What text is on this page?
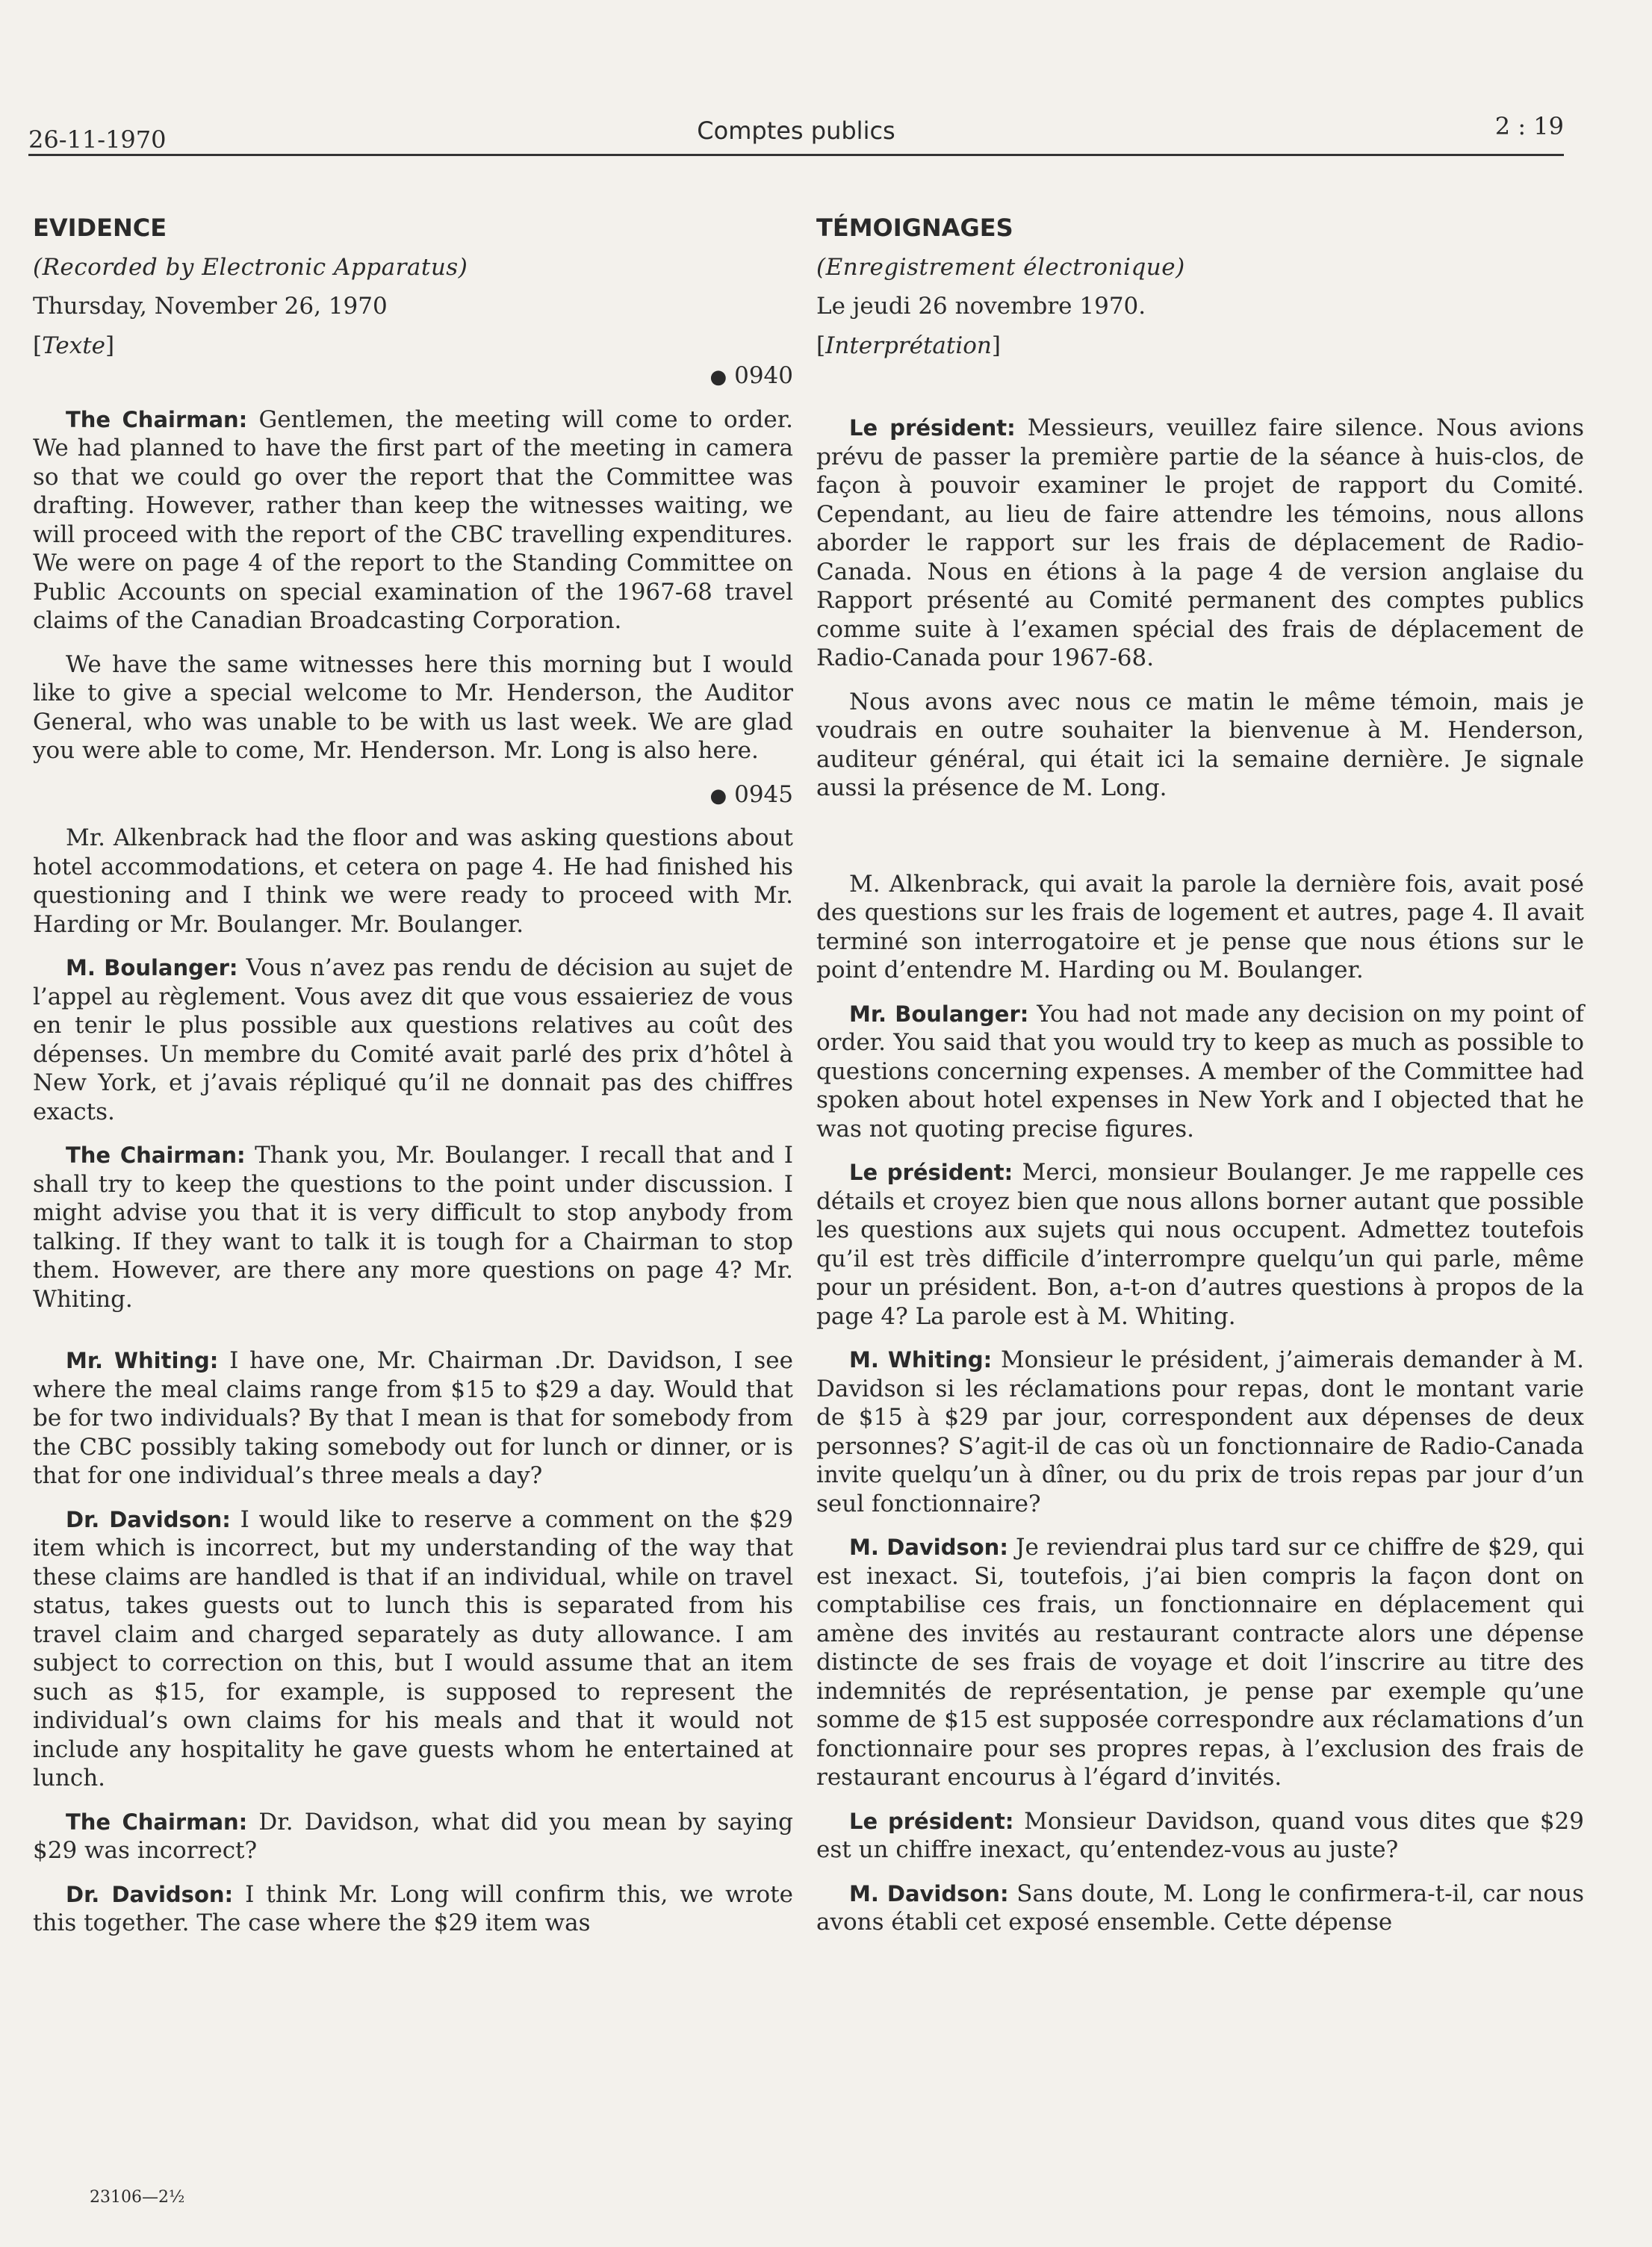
26-11-1970	Comptes publics	2 : 19
EVIDENCE
(Recorded by Electronic Apparatus)
Thursday, November 26, 1970
[Texte]
● 0940

The Chairman: Gentlemen, the meeting will come to order. We had planned to have the first part of the meeting in camera so that we could go over the report that the Committee was drafting. However, rather than keep the witnesses waiting, we will proceed with the report of the CBC travelling expenditures. We were on page 4 of the report to the Standing Committee on Public Accounts on special examination of the 1967-68 travel claims of the Canadian Broadcasting Corporation.

We have the same witnesses here this morning but I would like to give a special welcome to Mr. Henderson, the Auditor General, who was unable to be with us last week. We are glad you were able to come, Mr. Henderson. Mr. Long is also here.

● 0945

Mr. Alkenbrack had the floor and was asking questions about hotel accommodations, et cetera on page 4. He had finished his questioning and I think we were ready to proceed with Mr. Harding or Mr. Boulanger. Mr. Boulanger.

M. Boulanger: Vous n’avez pas rendu de décision au sujet de l’appel au règlement. Vous avez dit que vous essaieriez de vous en tenir le plus possible aux questions relatives au coût des dépenses. Un membre du Comité avait parlé des prix d’hôtel à New York, et j’avais répliqué qu’il ne donnait pas des chiffres exacts.

The Chairman: Thank you, Mr. Boulanger. I recall that and I shall try to keep the questions to the point under discussion. I might advise you that it is very difficult to stop anybody from talking. If they want to talk it is tough for a Chairman to stop them. However, are there any more questions on page 4? Mr. Whiting.

Mr. Whiting: I have one, Mr. Chairman .Dr. Davidson, I see where the meal claims range from $15 to $29 a day. Would that be for two individuals? By that I mean is that for somebody from the CBC possibly taking somebody out for lunch or dinner, or is that for one individual’s three meals a day?

Dr. Davidson: I would like to reserve a comment on the $29 item which is incorrect, but my understanding of the way that these claims are handled is that if an individual, while on travel status, takes guests out to lunch this is separated from his travel claim and charged separately as duty allowance. I am subject to correction on this, but I would assume that an item such as $15, for example, is supposed to represent the individual’s own claims for his meals and that it would not include any hospitality he gave guests whom he entertained at lunch.

The Chairman: Dr. Davidson, what did you mean by saying $29 was incorrect?

Dr. Davidson: I think Mr. Long will confirm this, we wrote this together. The case where the $29 item was

TÉMOIGNAGES
(Enregistrement électronique)
Le jeudi 26 novembre 1970.
[Interprétation]

Le président: Messieurs, veuillez faire silence. Nous avions prévu de passer la première partie de la séance à huis-clos, de façon à pouvoir examiner le projet de rapport du Comité. Cependant, au lieu de faire attendre les témoins, nous allons aborder le rapport sur les frais de déplacement de Radio-Canada. Nous en étions à la page 4 de version anglaise du Rapport présenté au Comité permanent des comptes publics comme suite à l’examen spécial des frais de déplacement de Radio-Canada pour 1967-68.

Nous avons avec nous ce matin le même témoin, mais je voudrais en outre souhaiter la bienvenue à M. Henderson, auditeur général, qui était ici la semaine dernière. Je signale aussi la présence de M. Long.

M. Alkenbrack, qui avait la parole la dernière fois, avait posé des questions sur les frais de logement et autres, page 4. Il avait terminé son interrogatoire et je pense que nous étions sur le point d’entendre M. Harding ou M. Boulanger.

Mr. Boulanger: You had not made any decision on my point of order. You said that you would try to keep as much as possible to questions concerning expenses. A member of the Committee had spoken about hotel expenses in New York and I objected that he was not quoting precise figures.

Le président: Merci, monsieur Boulanger. Je me rappelle ces détails et croyez bien que nous allons borner autant que possible les questions aux sujets qui nous occupent. Admettez toutefois qu’il est très difficile d’interrompre quelqu’un qui parle, même pour un président. Bon, a-t-on d’autres questions à propos de la page 4? La parole est à M. Whiting.

M. Whiting: Monsieur le président, j’aimerais demander à M. Davidson si les réclamations pour repas, dont le montant varie de $15 à $29 par jour, correspondent aux dépenses de deux personnes? S’agit-il de cas où un fonctionnaire de Radio-Canada invite quelqu’un à dîner, ou du prix de trois repas par jour d’un seul fonctionnaire?

M. Davidson: Je reviendrai plus tard sur ce chiffre de $29, qui est inexact. Si, toutefois, j’ai bien compris la façon dont on comptabilise ces frais, un fonctionnaire en déplacement qui amène des invités au restaurant contracte alors une dépense distincte de ses frais de voyage et doit l’inscrire au titre des indemnités de représentation, je pense par exemple qu’une somme de $15 est supposée correspondre aux réclamations d’un fonctionnaire pour ses propres repas, à l’exclusion des frais de restaurant encourus à l’égard d’invités.

Le président: Monsieur Davidson, quand vous dites que $29 est un chiffre inexact, qu’entendez-vous au juste?

M. Davidson: Sans doute, M. Long le confirmera-t-il, car nous avons établi cet exposé ensemble. Cette dépense

23106—2½
